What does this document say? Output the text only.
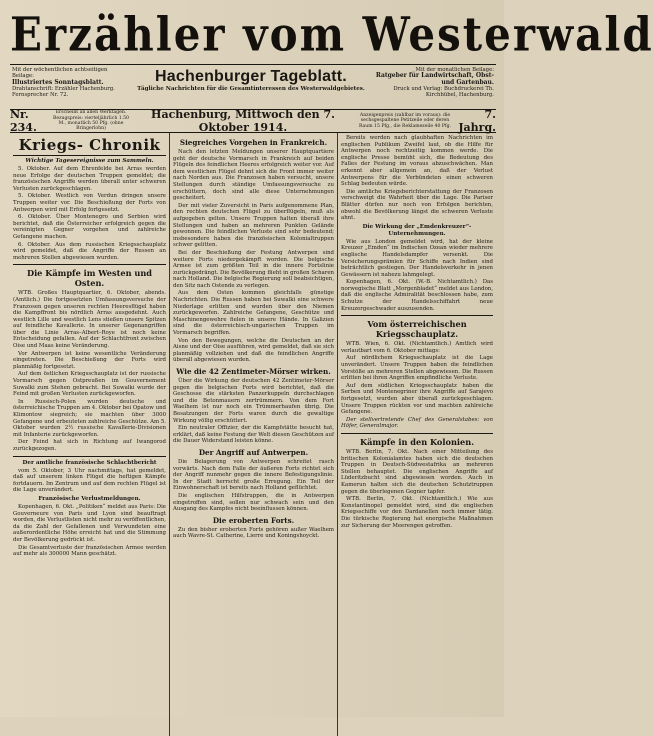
Erzähler vom Westerwald
Mit der wöchentlichen achtseitigen Beilage:
Illustriertes Sonntagsblatt.
Drahtanschrift: Erzähler Hachenburg. Fernsprecher Nr. 72.
Hachenburger Tageblatt.
Tägliche Nachrichten für die Gesamtinteressen des Westerwaldgebietes.
Mit der monatlichen Beilage:
Ratgeber für Landwirtschaft, Obst- und Gartenbau.
Druck und Verlag: Buchdruckerei Th. Kirchhübel, Hachenburg.
Nr. 234.
Erscheint an allen Werktagen. Bezugspreis: vierteljährlich 1.50 M., monatlich 50 Pfg. (ohne Bringerlohn)
Hachenburg, Mittwoch den 7. Oktober 1914.
Anzeigenpreis (zahlbar im voraus): die sechsgespaltene Petitzeile oder deren Raum 15 Pfg., die Reklamezeile 40 Pfg.
7. Jahrg.
Kriegs- Chronik
Wichtige Tagesereignisse zum Sammeln.

5. Oktober. Auf dem Ehrenfelde bei Arras werden neue Erfolge der deutschen Truppen gemeldet; die französischen Angriffe werden überall unter schweren Verlusten zurückgeschlagen.

5. Oktober. Westlich von Verdun dringen unsere Truppen weiter vor. Die Beschießung der Forts von Antwerpen wird mit Erfolg fortgesetzt.

6. Oktober. Über Montenegro und Serbien wird berichtet, daß die Österreicher erfolgreich gegen die vereinigten Gegner vorgehen und zahlreiche Gefangene machen.

6. Oktober. Aus dem russischen Kriegsschauplatz wird gemeldet, daß die Angriffe der Russen an mehreren Stellen abgewiesen wurden.

Die Kämpfe im Westen und Osten.

WTB. Großes Hauptquartier, 6. Oktober, abends. (Amtlich.) Die fortgesetzten Umfassungsversuche der Franzosen gegen unseren rechten Heeresflügel haben die Kampffront bis nördlich Arras ausgedehnt. Auch westlich Lille und westlich Lens stießen unsere Spitzen auf feindliche Kavallerie. In unserer Gegenangriffen über die Linie Arras–Albert–Roye ist noch keine Entscheidung gefallen. Auf der Schlachtfront zwischen Oise und Maas keine Veränderung.

Vor Antwerpen ist keine wesentliche Veränderung eingetreten. Die Beschießung der Forts wird planmäßig fortgesetzt.

Auf dem östlichen Kriegsschauplatz ist der russische Vormarsch gegen Ostpreußen im Gouvernement Suwalki zum Stehen gebracht. Bei Suwalki wurde der Feind mit großen Verlusten zurückgeworfen.

In Russisch-Polen wurden deutsche und österreichische Truppen am 4. Oktober bei Opatow und Klimontow siegreich; sie machten über 3000 Gefangene und erbeuteten zahlreiche Geschütze. Am 5. Oktober wurden 2½ russische Kavallerie-Divisionen mit Infanterie zurückgeworfen.

Der Feind hat sich in Richtung auf Iwangorod zurückgezogen.

Der amtliche französische Schlachtbericht

vom 5. Oktober, 3 Uhr nachmittags, hat gemeldet, daß auf unserem linken Flügel die heftigen Kämpfe fortdauern. Im Zentrum und auf dem rechten Flügel ist die Lage unverändert.

Französische Verlustmeldungen.

Kopenhagen, 6. Okt. „Politiken“ meldet aus Paris: Die Gouverneure von Paris und Lyon sind beauftragt worden, die Verlustlisten nicht mehr zu veröffentlichen, da die Zahl der Gefallenen und Verwundeten eine außerordentliche Höhe erreicht hat und die Stimmung der Bevölkerung gedrückt ist.

Die Gesamtverluste der französischen Armee werden auf mehr als 300000 Mann geschätzt.

Siegreiches Vorgehen in Frankreich.

Nach den letzten Meldungen unserer Hauptquartiere geht der deutsche Vormarsch in Frankreich auf beiden Flügeln des feindlichen Heeres erfolgreich weiter vor. Auf dem westlichen Flügel dehnt sich die Front immer weiter nach Norden aus. Die Franzosen haben versucht, unsere Stellungen durch ständige Umfassungsversuche zu erschüttern, doch sind alle diese Unternehmungen gescheitert.

Der mit vieler Zuversicht in Paris aufgenommene Plan, den rechten deutschen Flügel zu überflügeln, muß als aufgegeben gelten. Unsere Truppen halten überall ihre Stellungen und haben an mehreren Punkten Gelände gewonnen. Die feindlichen Verluste sind sehr bedeutend; insbesondere haben die französischen Kolonialtruppen schwer gelitten.

Bei der Beschießung der Festung Antwerpen sind weitere Forts niedergekämpft worden. Die belgische Armee ist zum größten Teil in die innere Fortslinie zurückgedrängt. Die Bevölkerung flieht in großen Scharen nach Holland. Die belgische Regierung soll beabsichtigen, den Sitz nach Ostende zu verlegen.

Aus dem Osten kommen gleichfalls günstige Nachrichten. Die Russen haben bei Suwalki eine schwere Niederlage erlitten und wurden über den Niemen zurückgeworfen. Zahlreiche Gefangene, Geschütze und Maschinengewehre fielen in unsere Hände. In Galizien sind die österreichisch-ungarischen Truppen im Vormarsch begriffen.

Von den Bewegungen, welche die Deutschen an der Aisne und der Oise ausführen, wird gemeldet, daß sie sich planmäßig vollziehen und daß die feindlichen Angriffe überall abgewiesen wurden.

Wie die 42 Zentimeter-Mörser wirken.

Über die Wirkung der deutschen 42 Zentimeter-Mörser gegen die belgischen Forts wird berichtet, daß die Geschosse die stärksten Panzerkuppeln durchschlagen und die Betonmauern zertrümmern. Von dem Fort Waelhem ist nur noch ein Trümmerhaufen übrig. Die Besatzungen der Forts waren durch die gewaltige Wirkung völlig erschüttert.

Ein neutraler Offizier, der die Kampfstätte besucht hat, erklärt, daß keine Festung der Welt diesen Geschützen auf die Dauer Widerstand leisten könne.

Der Angriff auf Antwerpen.

Die Belagerung von Antwerpen schreitet rasch vorwärts. Nach dem Falle der äußeren Forts richtet sich der Angriff nunmehr gegen die innere Befestigungslinie. In der Stadt herrscht große Erregung. Ein Teil der Einwohnerschaft ist bereits nach Holland geflüchtet.

Die englischen Hilfstruppen, die in Antwerpen eingetroffen sind, sollen nur schwach sein und den Ausgang des Kampfes nicht beeinflussen können.

Die eroberten Forts.

Zu den bisher eroberten Forts gehören außer Waelhem auch Wavre-St. Catherine, Lierre und Koningshoyckt.

Bereits werden nach glaubhaften Nachrichten im englischen Publikum Zweifel laut, ob die Hilfe für Antwerpen noch rechtzeitig kommen werde. Die englische Presse bemüht sich, die Bedeutung des Falles der Festung im voraus abzuschwächen. Man erkennt aber allgemein an, daß der Verlust Antwerpens für die Verbündeten einen schweren Schlag bedeuten würde.

Die amtliche Kriegsberichterstattung der Franzosen verschweigt die Wahrheit über die Lage. Die Pariser Blätter dürfen nur noch von Erfolgen berichten, obwohl die Bevölkerung längst die schweren Verluste ahnt.

Die Wirkung der „Emdenkreuzer“-Unternehmungen.

Wie aus London gemeldet wird, hat der kleine Kreuzer „Emden“ im Indischen Ozean wieder mehrere englische Handelsdampfer versenkt. Die Versicherungsprämien für Schiffe nach Indien sind beträchtlich gestiegen. Der Handelsverkehr in jenen Gewässern ist nahezu lahmgelegt.

Kopenhagen, 6. Okt. (W.-B. Nichtamtlich.) Das norwegische Blatt „Morgenbladet“ meldet aus London, daß die englische Admiralität beschlossen habe, zum Schutze der Handelsschiffahrt neue Kreuzergeschwader auszusenden.

Vom österreichischen Kriegsschauplatz.

WTB. Wien, 6. Okt. (Nichtamtlich.) Amtlich wird verlautbart vom 6. Oktober mittags:

Auf nördlichem Kriegsschauplatz ist die Lage unverändert. Unsere Truppen haben die feindlichen Vorstöße an mehreren Stellen abgewiesen. Die Russen erlitten bei ihren Angriffen empfindliche Verluste.

Auf dem südlichen Kriegsschauplatz haben die Serben und Montenegriner ihre Angriffe auf Sarajevo fortgesetzt, wurden aber überall zurückgeschlagen. Unsere Truppen rückten vor und machten zahlreiche Gefangene.

Der stellvertretende Chef des Generalstabes: von Höfer, Generalmajor.

Kämpfe in den Kolonien.

WTB. Berlin, 7. Okt. Nach einer Mitteilung des britischen Kolonialamtes haben sich die deutschen Truppen in Deutsch-Südwestafrika an mehreren Stellen behauptet. Die englischen Angriffe auf Lüderitzbucht sind abgewiesen worden. Auch in Kamerun halten sich die deutschen Schutztruppen gegen die überlegenen Gegner tapfer.

WTB. Berlin, 7. Okt. (Nichtamtlich.) Wie aus Konstantinopel gemeldet wird, sind die englischen Kriegsschiffe vor den Dardanellen noch immer tätig. Die türkische Regierung hat energische Maßnahmen zur Sicherung der Meerengen getroffen.
